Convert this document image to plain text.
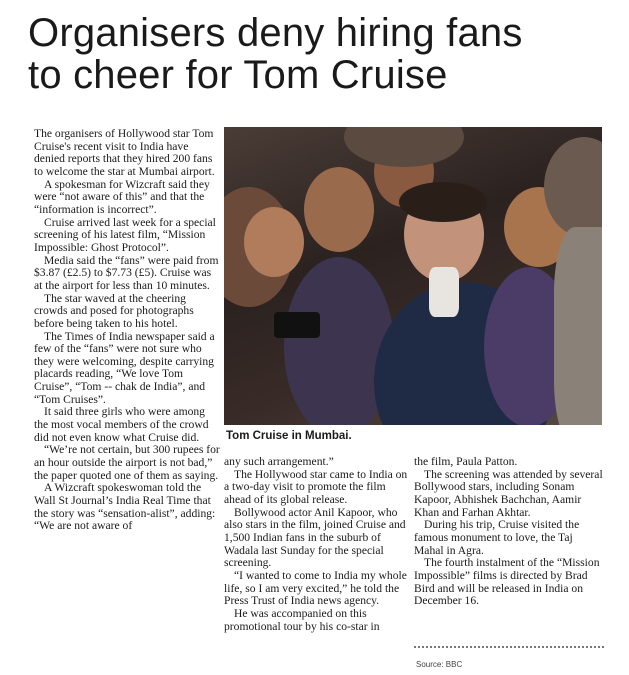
Organisers deny hiring fans
to cheer for Tom Cruise

The organisers of Hollywood star Tom Cruise's recent visit to India have denied reports that they hired 200 fans to welcome the star at Mumbai airport.

A spokesman for Wizcraft said they were “not aware of this” and that the “information is incorrect”.

Cruise arrived last week for a special screening of his latest film, “Mission Impossible: Ghost Protocol”.

Media said the “fans” were paid from $3.87 (£2.5) to $7.73 (£5). Cruise was at the airport for less than 10 minutes.

The star waved at the cheering crowds and posed for photographs before being taken to his hotel.

The Times of India newspaper said a few of the “fans” were not sure who they were welcoming, despite carrying placards reading, “We love Tom Cruise”, “Tom -- chak de India”, and “Tom Cruises”.

It said three girls who were among the most vocal members of the crowd did not even know what Cruise did.

“We’re not certain, but 300 rupees for an hour outside the airport is not bad,” the paper quoted one of them as saying.

A Wizcraft spokeswoman told the Wall St Journal’s India Real Time that the story was “sensation-alist”, adding: “We are not aware of

Tom Cruise in Mumbai.

any such arrangement.”

The Hollywood star came to India on a two-day visit to promote the film ahead of its global release.

Bollywood actor Anil Kapoor, who also stars in the film, joined Cruise and 1,500 Indian fans in the suburb of Wadala last Sunday for the special screening.

“I wanted to come to India my whole life, so I am very excited,” he told the Press Trust of India news agency.

He was accompanied on this promotional tour by his co-star in

the film, Paula Patton.

The screening was attended by several Bollywood stars, including Sonam Kapoor, Abhishek Bachchan, Aamir Khan and Farhan Akhtar.

During his trip, Cruise visited the famous monument to love, the Taj Mahal in Agra.

The fourth instalment of the “Mission Impossible” films is directed by Brad Bird and will be released in India on December 16.

Source: BBC
